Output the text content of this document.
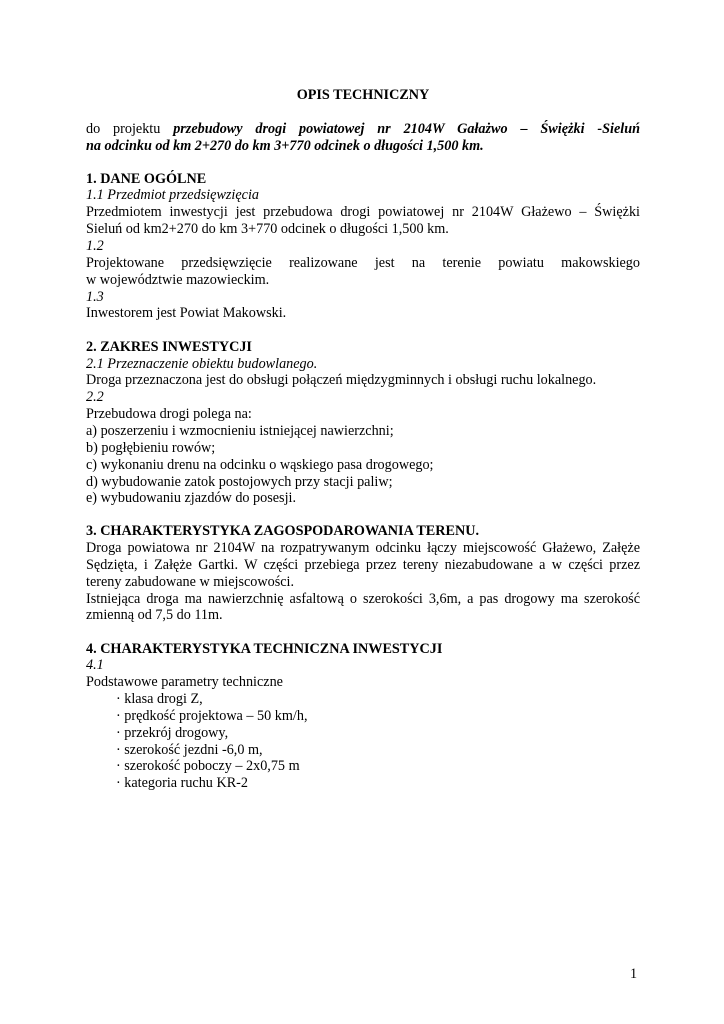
OPIS TECHNICZNY
do projektu przebudowy drogi powiatowej nr 2104W Gałażwo – Świężki -Sieluń
na odcinku od km 2+270 do km 3+770 odcinek o długości 1,500 km.
1. DANE OGÓLNE
1.1 Przedmiot przedsięwzięcia
Przedmiotem inwestycji jest przebudowa drogi powiatowej nr 2104W Głażewo – Świężki
Sieluń od km2+270 do km 3+770 odcinek o długości 1,500 km.
1.2
Projektowane przedsięwzięcie realizowane jest na terenie powiatu makowskiego
w województwie mazowieckim.
1.3
Inwestorem jest Powiat Makowski.
2. ZAKRES INWESTYCJI
2.1 Przeznaczenie obiektu budowlanego.
Droga przeznaczona jest do obsługi połączeń międzygminnych i obsługi ruchu lokalnego.
2.2
Przebudowa drogi polega na:
a) poszerzeniu i wzmocnieniu istniejącej nawierzchni;
b) pogłębieniu rowów;
c) wykonaniu drenu na odcinku o wąskiego pasa drogowego;
d) wybudowanie zatok postojowych przy stacji paliw;
e) wybudowaniu zjazdów do posesji.
3. CHARAKTERYSTYKA ZAGOSPODAROWANIA TERENU.
Droga powiatowa nr 2104W na rozpatrywanym odcinku łączy miejscowość Głażewo, Załęże
Sędzięta, i Załęże Gartki. W części przebiega przez tereny niezabudowane a w części przez
tereny zabudowane w miejscowości.
Istniejąca droga ma nawierzchnię asfaltową o szerokości 3,6m, a pas drogowy ma szerokość
zmienną od 7,5 do 11m.
4. CHARAKTERYSTYKA TECHNICZNA INWESTYCJI
4.1
Podstawowe parametry techniczne
· klasa drogi Z,
· prędkość projektowa – 50 km/h,
· przekrój drogowy,
· szerokość jezdni -6,0 m,
· szerokość poboczy – 2x0,75 m
· kategoria ruchu KR-2
1
